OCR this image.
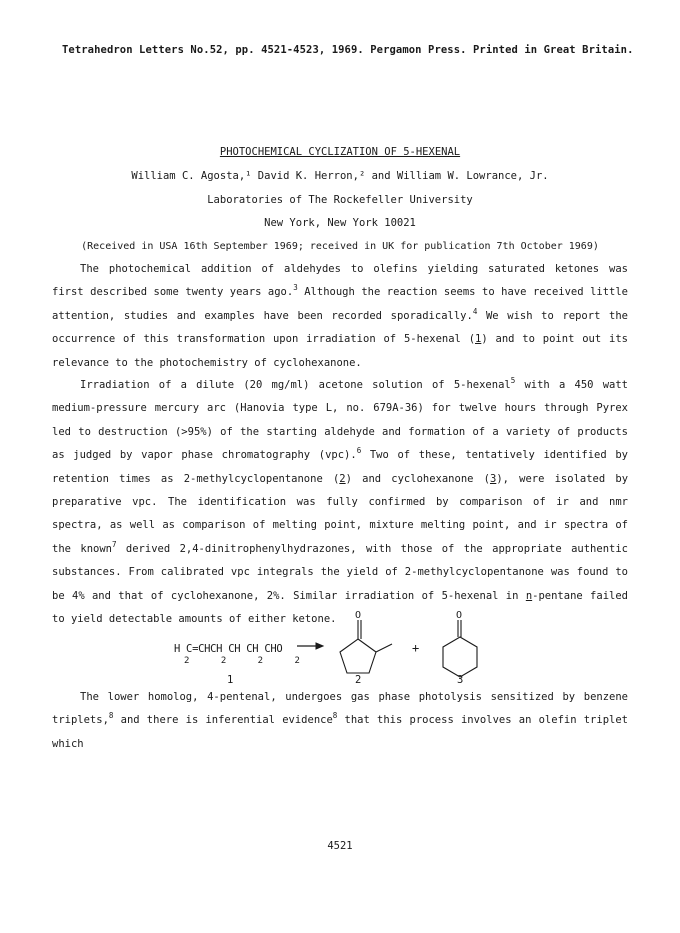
Tetrahedron Letters No.52, pp. 4521-4523, 1969. Pergamon Press. Printed in Great Britain.
PHOTOCHEMICAL CYCLIZATION OF 5-HEXENAL
William C. Agosta,¹ David K. Herron,² and William W. Lowrance, Jr.
Laboratories of The Rockefeller University
New York, New York 10021
(Received in USA 16th September 1969; received in UK for publication 7th October 1969)

The photochemical addition of aldehydes to olefins yielding saturated ketones was first described some twenty years ago.$^3$ Although the reaction seems to have received little attention, studies and examples have been recorded sporadically.$^4$ We wish to report the occurrence of this transformation upon irradiation of 5-hexenal (1) and to point out its relevance to the photochemistry of cyclohexanone.

Irradiation of a dilute (20 mg/ml) acetone solution of 5-hexenal$^5$ with a 450 watt medium-pressure mercury arc (Hanovia type L, no. 679A-36) for twelve hours through Pyrex led to destruction (>95%) of the starting aldehyde and formation of a variety of products as judged by vapor phase chromatography (vpc).$^6$ Two of these, tentatively identified by retention times as 2-methylcyclopentanone (2) and cyclohexanone (3), were isolated by preparative vpc. The identification was fully confirmed by comparison of ir and nmr spectra, as well as comparison of melting point, mixture melting point, and ir spectra of the known$^7$ derived 2,4-dinitrophenylhydrazones, with those of the appropriate authentic substances. From calibrated vpc integrals the yield of 2-methylcyclopentanone was found to be 4% and that of cyclohexanone, 2%. Similar irradiation of 5-hexenal in n-pentane failed to yield detectable amounts of either ketone.

H C=CHCH CH CH CHO
2 2 2 2
+
O	O
1	2	3

The lower homolog, 4-pentenal, undergoes gas phase photolysis sensitized by benzene triplets,$^8$ and there is inferential evidence$^8$ that this process involves an olefin triplet which

4521
